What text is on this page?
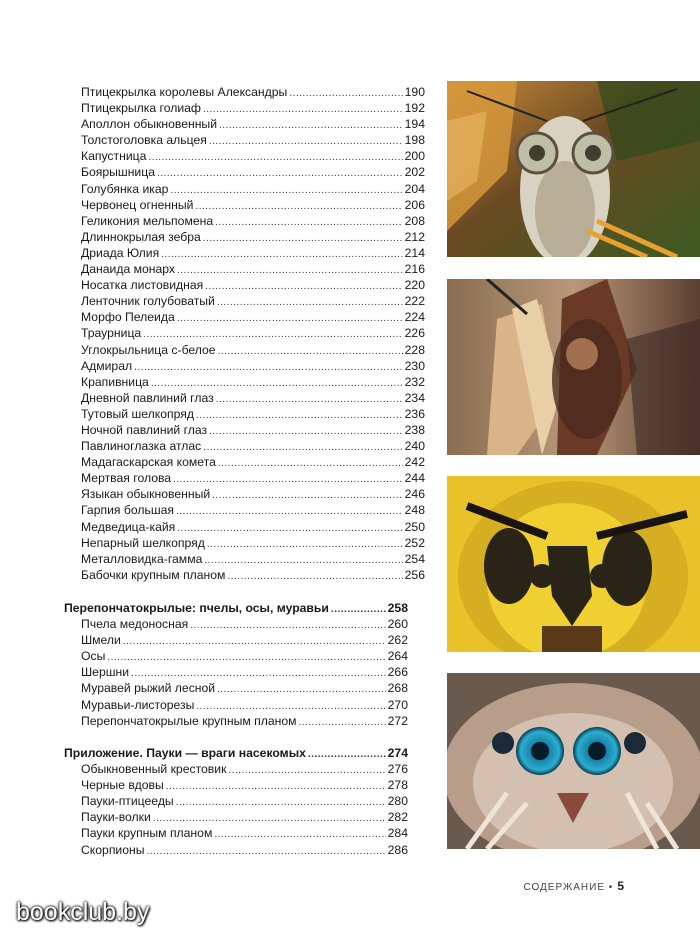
Птицекрылка королевы Александры .....	190
Птицекрылка голиаф .....	192
Аполлон обыкновенный .....	194
Толстоголовка альцея .....	198
Капустница .....	200
Боярышница .....	202
Голубянка икар .....	204
Червонец огненный .....	206
Геликония мельпомена .....	208
Длиннокрылая зебра .....	212
Дриада Юлия .....	214
Данаида монарх .....	216
Носатка листовидная .....	220
Ленточник голубоватый .....	222
Морфо Пелеида .....	224
Траурница .....	226
Углокрыльница с-белое .....	228
Адмирал .....	230
Крапивница .....	232
Дневной павлиний глаз .....	234
Тутовый шелкопряд .....	236
Ночной павлиний глаз .....	238
Павлиноглазка атлас .....	240
Мадагаскарская комета .....	242
Мертвая голова .....	244
Языкан обыкновенный .....	246
Гарпия большая .....	248
Медведица-кайя .....	250
Непарный шелкопряд .....	252
Металловидка-гамма .....	254
Бабочки крупным планом .....	256
Перепончатокрылые: пчелы, осы, муравьи .....	258
Пчела медоносная .....	260
Шмели .....	262
Осы .....	264
Шершни .....	266
Муравей рыжий лесной .....	268
Муравьи-листорезы .....	270
Перепончатокрылые крупным планом .....	272
Приложение. Пауки — враги насекомых .....	274
Обыкновенный крестовик .....	276
Черные вдовы .....	278
Пауки-птицееды .....	280
Пауки-волки .....	282
Пауки крупным планом .....	284
Скорпионы .....	286
СОДЕРЖАНИЕ • 5
bookclub.by
